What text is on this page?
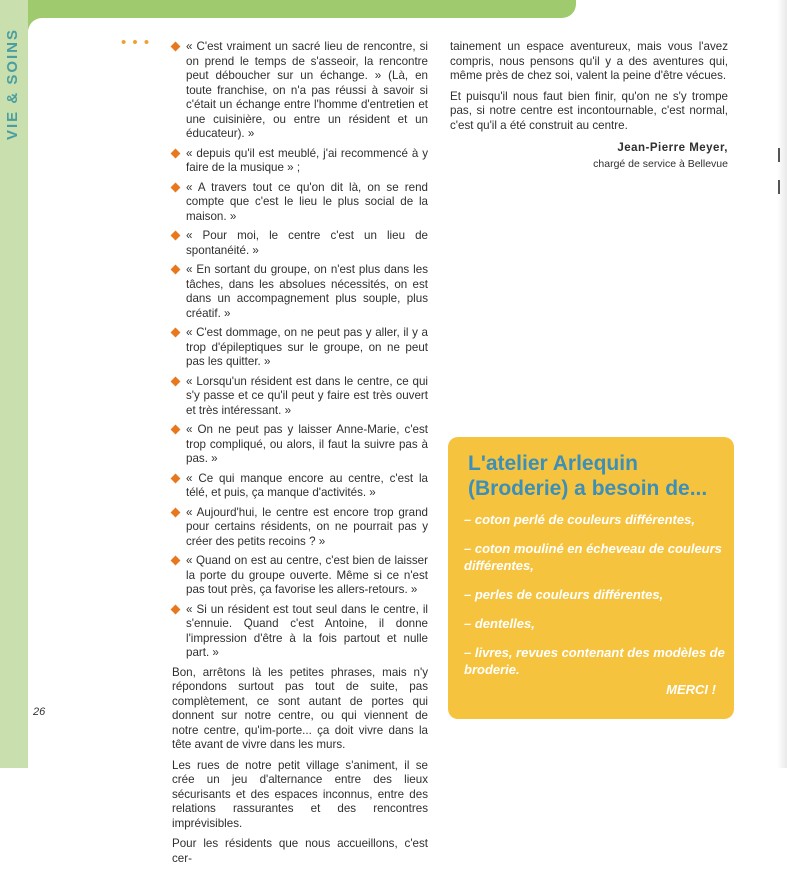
VIE & SOINS	• • •	« C'est vraiment un sacré lieu de rencontre, si on prend le temps de s'asseoir, la rencontre peut déboucher sur un échange. » (Là, en toute franchise, on n'a pas réussi à savoir si c'était un échange entre l'homme d'entretien et une cuisinière, ou entre un résident et un éducateur). »
« depuis qu'il est meublé, j'ai recommencé à y faire de la musique » ;
« A travers tout ce qu'on dit là, on se rend compte que c'est le lieu le plus social de la maison. »
« Pour moi, le centre c'est un lieu de spontanéité. »
« En sortant du groupe, on n'est plus dans les tâches, dans les absolues nécessités, on est dans un accompagnement plus souple, plus créatif. »
« C'est dommage, on ne peut pas y aller, il y a trop d'épileptiques sur le groupe, on ne peut pas les quitter. »
« Lorsqu'un résident est dans le centre, ce qui s'y passe et ce qu'il peut y faire est très ouvert et très intéressant. »
« On ne peut pas y laisser Anne-Marie, c'est trop compliqué, ou alors, il faut la suivre pas à pas. »
« Ce qui manque encore au centre, c'est la télé, et puis, ça manque d'activités. »
« Aujourd'hui, le centre est encore trop grand pour certains résidents, on ne pourrait pas y créer des petits recoins ? »
« Quand on est au centre, c'est bien de laisser la porte du groupe ouverte. Même si ce n'est pas tout près, ça favorise les allers-retours. »
« Si un résident est tout seul dans le centre, il s'ennuie. Quand c'est Antoine, il donne l'impression d'être à la fois partout et nulle part. »

Bon, arrêtons là les petites phrases, mais n'y répondons surtout pas tout de suite, pas complètement, ce sont autant de portes qui donnent sur notre centre, ou qui viennent de notre centre, qu'im-porte... ça doit vivre dans la tête avant de vivre dans les murs.

Les rues de notre petit village s'animent, il se crée un jeu d'alternance entre des lieux sécurisants et des espaces inconnus, entre des relations rassurantes et des rencontres imprévisibles.

Pour les résidents que nous accueillons, c'est cer-

tainement un espace aventureux, mais vous l'avez compris, nous pensons qu'il y a des aventures qui, même près de chez soi, valent la peine d'être vécues.

Et puisqu'il nous faut bien finir, qu'on ne s'y trompe pas, si notre centre est incontournable, c'est normal, c'est qu'il a été construit au centre.

Jean-Pierre Meyer,
chargé de service à Bellevue
L'atelier Arlequin
(Broderie) a besoin de...
– coton perlé de couleurs différentes,
– coton mouliné en écheveau de couleurs différentes,
– perles de couleurs différentes,
– dentelles,
– livres, revues contenant des modèles de broderie.
MERCI !
26
